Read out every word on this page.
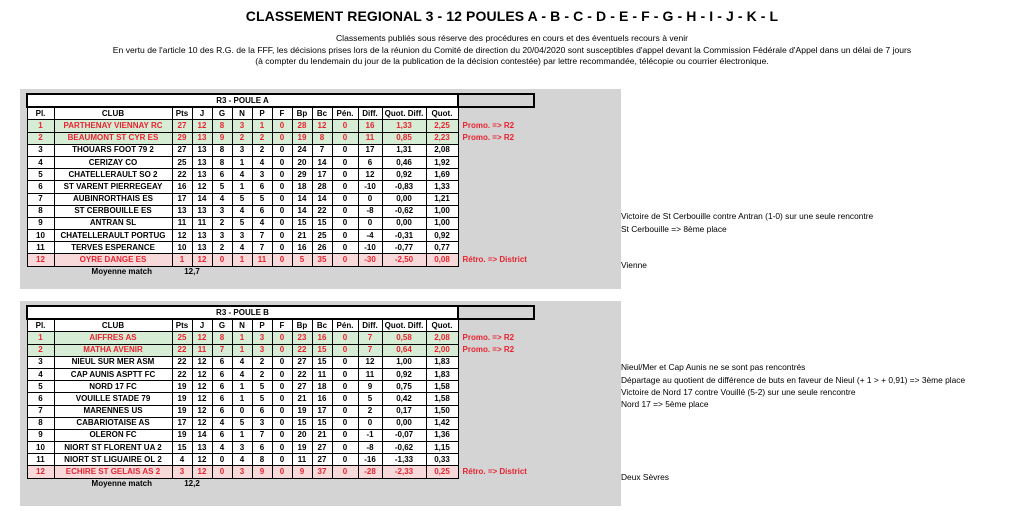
CLASSEMENT REGIONAL 3 - 12 POULES A - B - C - D - E - F - G - H - I - J - K - L
Classements publiés sous réserve des procédures en cours et des éventuels recours à venir
En vertu de l'article 10 des R.G. de la FFF, les décisions prises lors de la réunion du Comité de direction du 20/04/2020 sont susceptibles d'appel devant la Commission Fédérale d'Appel dans un délai de 7 jours
(à compter du lendemain du jour de la publication de la décision contestée) par lettre recommandée, télécopie ou courrier électronique.
R3 - POULE A														
Pl.	CLUB	Pts	J	G	N	P	F	Bp	Bc	Pén.	Diff.	Quot. Diff.	Quot.	
1	PARTHENAY VIENNAY RC	27	12	8	3	1	0	28	12	0	16	1,33	2,25	Promo. => R2
2	BEAUMONT ST CYR ES	29	13	9	2	2	0	19	8	0	11	0,85	2,23	Promo. => R2
3	THOUARS FOOT 79 2	27	13	8	3	2	0	24	7	0	17	1,31	2,08	
4	CERIZAY CO	25	13	8	1	4	0	20	14	0	6	0,46	1,92	
5	CHATELLERAULT SO 2	22	13	6	4	3	0	29	17	0	12	0,92	1,69	
6	ST VARENT PIERREGEAY	16	12	5	1	6	0	18	28	0	-10	-0,83	1,33	
7	AUBINRORTHAIS ES	17	14	4	5	5	0	14	14	0	0	0,00	1,21	
8	ST CERBOUILLE ES	13	13	3	4	6	0	14	22	0	-8	-0,62	1,00	
9	ANTRAN SL	11	11	2	5	4	0	15	15	0	0	0,00	1,00	
10	CHATELLERAULT PORTUG	12	13	3	3	7	0	21	25	0	-4	-0,31	0,92	
11	TERVES ESPERANCE	10	13	2	4	7	0	16	26	0	-10	-0,77	0,77	
12	OYRE DANGE ES	1	12	0	1	11	0	5	35	0	-30	-2,50	0,08	Rétro. => District
Moyenne match		12,7												
R3 - POULE B														
Pl.	CLUB	Pts	J	G	N	P	F	Bp	Bc	Pén.	Diff.	Quot. Diff.	Quot.	
1	AIFFRES AS	25	12	8	1	3	0	23	16	0	7	0,58	2,08	Promo. => R2
2	MATHA AVENIR	22	11	7	1	3	0	22	15	0	7	0,64	2,00	Promo. => R2
3	NIEUL SUR MER ASM	22	12	6	4	2	0	27	15	0	12	1,00	1,83	
4	CAP AUNIS ASPTT FC	22	12	6	4	2	0	22	11	0	11	0,92	1,83	
5	NORD 17 FC	19	12	6	1	5	0	27	18	0	9	0,75	1,58	
6	VOUILLE STADE 79	19	12	6	1	5	0	21	16	0	5	0,42	1,58	
7	MARENNES US	19	12	6	0	6	0	19	17	0	2	0,17	1,50	
8	CABARIOTAISE AS	17	12	4	5	3	0	15	15	0	0	0,00	1,42	
9	OLERON FC	19	14	6	1	7	0	20	21	0	-1	-0,07	1,36	
10	NIORT ST FLORENT UA 2	15	13	4	3	6	0	19	27	0	-8	-0,62	1,15	
11	NIORT ST LIGUAIRE OL 2	4	12	0	4	8	0	11	27	0	-16	-1,33	0,33	
12	ECHIRE ST GELAIS AS 2	3	12	0	3	9	0	9	37	0	-28	-2,33	0,25	Rétro. => District
Moyenne match		12,2												
Victoire de St Cerbouille contre Antran (1-0) sur une seule rencontre
St Cerbouille => 8ème place
Vienne
Nieul/Mer et Cap Aunis ne se sont pas rencontrés
Départage au quotient de différence de buts en faveur de Nieul (+ 1 > + 0,91) => 3ème place
Victoire de Nord 17 contre Vouillé (5-2) sur une seule rencontre
Nord 17 => 5ème place
Deux Sèvres
